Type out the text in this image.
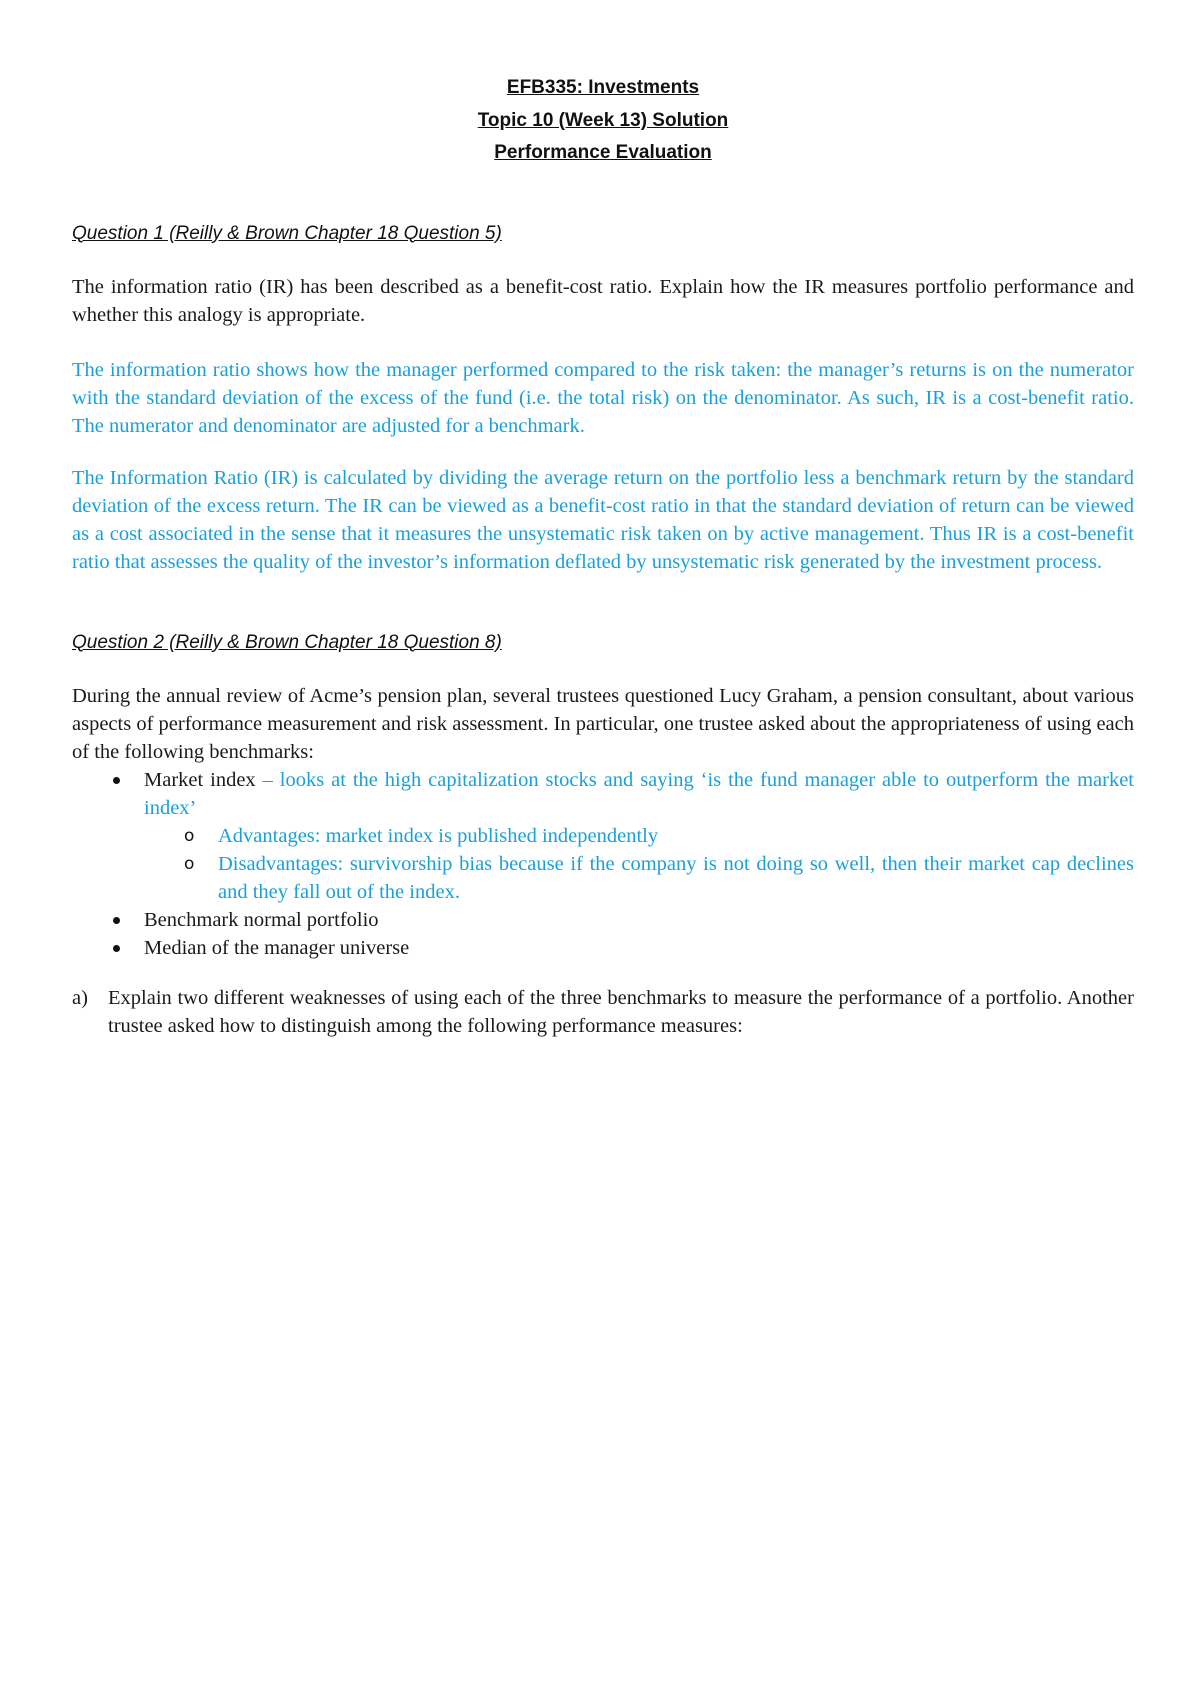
EFB335: Investments
Topic 10 (Week 13) Solution
Performance Evaluation
Question 1 (Reilly & Brown Chapter 18 Question 5)

The information ratio (IR) has been described as a benefit-cost ratio. Explain how the IR measures portfolio performance and whether this analogy is appropriate.

The information ratio shows how the manager performed compared to the risk taken: the manager’s returns is on the numerator with the standard deviation of the excess of the fund (i.e. the total risk) on the denominator. As such, IR is a cost-benefit ratio. The numerator and denominator are adjusted for a benchmark.

The Information Ratio (IR) is calculated by dividing the average return on the portfolio less a benchmark return by the standard deviation of the excess return. The IR can be viewed as a benefit-cost ratio in that the standard deviation of return can be viewed as a cost associated in the sense that it measures the unsystematic risk taken on by active management. Thus IR is a cost-benefit ratio that assesses the quality of the investor’s information deflated by unsystematic risk generated by the investment process.

Question 2 (Reilly & Brown Chapter 18 Question 8)

During the annual review of Acme’s pension plan, several trustees questioned Lucy Graham, a pension consultant, about various aspects of performance measurement and risk assessment. In particular, one trustee asked about the appropriateness of using each of the following benchmarks:

Market index – looks at the high capitalization stocks and saying ‘is the fund manager able to outperform the market index’
o Advantages: market index is published independently
o Disadvantages: survivorship bias because if the company is not doing so well, then their market cap declines and they fall out of the index.
Benchmark normal portfolio
Median of the manager universe
a) Explain two different weaknesses of using each of the three benchmarks to measure the performance of a portfolio. Another trustee asked how to distinguish among the following performance measures:
